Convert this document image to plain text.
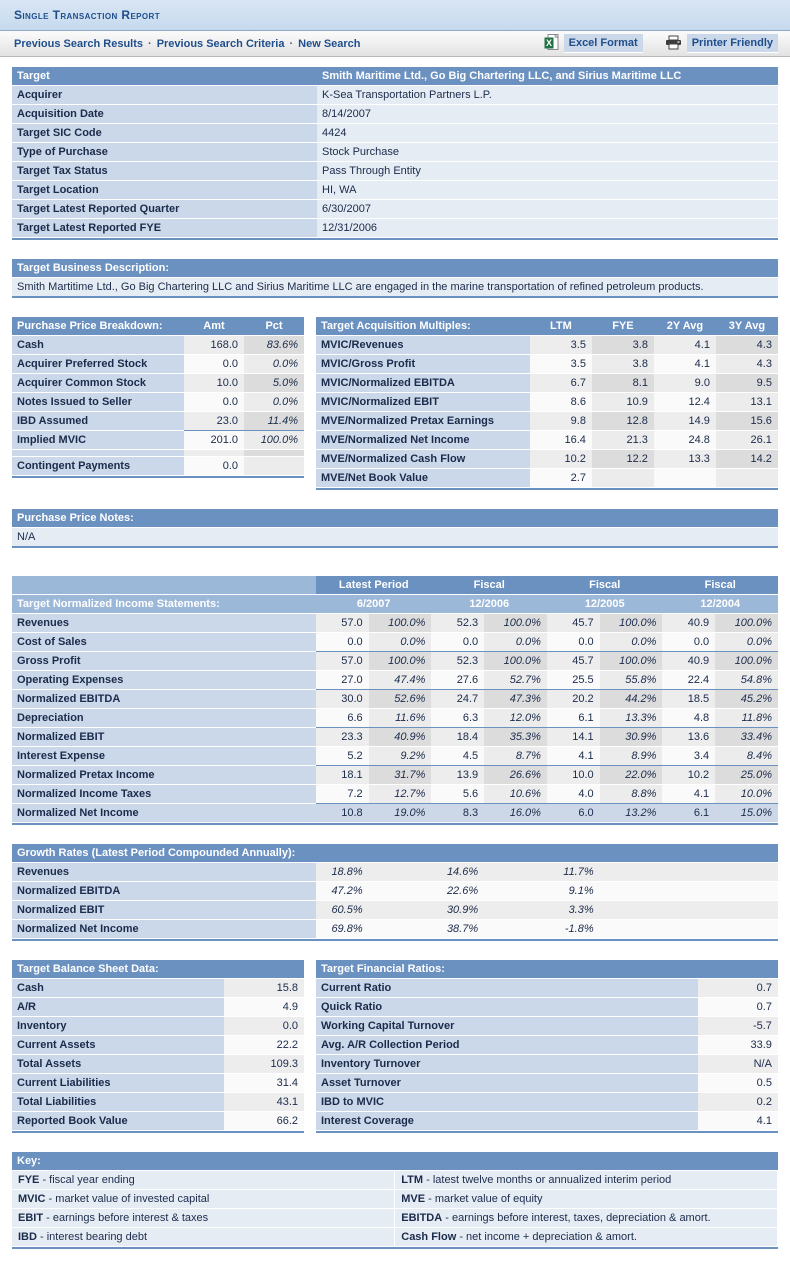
Single Transaction Report
Previous Search Results · Previous Search Criteria · New Search	X	Excel Format	Printer Friendly
Target	Smith Maritime Ltd., Go Big Chartering LLC, and Sirius Maritime LLC
Acquirer	K-Sea Transportation Partners L.P.
Acquisition Date	8/14/2007
Target SIC Code	4424
Type of Purchase	Stock Purchase
Target Tax Status	Pass Through Entity
Target Location	HI, WA
Target Latest Reported Quarter	6/30/2007
Target Latest Reported FYE	12/31/2006
Target Business Description:
Smith Martitime Ltd., Go Big Chartering LLC and Sirius Maritime LLC are engaged in the marine transportation of refined petroleum products.
Purchase Price Breakdown:	Amt	Pct
Cash	168.0	83.6%
Acquirer Preferred Stock	0.0	0.0%
Acquirer Common Stock	10.0	5.0%
Notes Issued to Seller	0.0	0.0%
IBD Assumed	23.0	11.4%
Implied MVIC	201.0	100.0%

Contingent Payments	0.0	
Target Acquisition Multiples:	LTM	FYE	2Y Avg	3Y Avg
MVIC/Revenues	3.5	3.8	4.1	4.3
MVIC/Gross Profit	3.5	3.8	4.1	4.3
MVIC/Normalized EBITDA	6.7	8.1	9.0	9.5
MVIC/Normalized EBIT	8.6	10.9	12.4	13.1
MVE/Normalized Pretax Earnings	9.8	12.8	14.9	15.6
MVE/Normalized Net Income	16.4	21.3	24.8	26.1
MVE/Normalized Cash Flow	10.2	12.2	13.3	14.2
MVE/Net Book Value	2.7			
Purchase Price Notes:
N/A
	Latest Period		Fiscal		Fiscal		Fiscal	
Target Normalized Income Statements:	6/2007		12/2006		12/2005		12/2004	
Revenues	57.0	100.0%	52.3	100.0%	45.7	100.0%	40.9	100.0%
Cost of Sales	0.0	0.0%	0.0	0.0%	0.0	0.0%	0.0	0.0%
Gross Profit	57.0	100.0%	52.3	100.0%	45.7	100.0%	40.9	100.0%
Operating Expenses	27.0	47.4%	27.6	52.7%	25.5	55.8%	22.4	54.8%
Normalized EBITDA	30.0	52.6%	24.7	47.3%	20.2	44.2%	18.5	45.2%
Depreciation	6.6	11.6%	6.3	12.0%	6.1	13.3%	4.8	11.8%
Normalized EBIT	23.3	40.9%	18.4	35.3%	14.1	30.9%	13.6	33.4%
Interest Expense	5.2	9.2%	4.5	8.7%	4.1	8.9%	3.4	8.4%
Normalized Pretax Income	18.1	31.7%	13.9	26.6%	10.0	22.0%	10.2	25.0%
Normalized Income Taxes	7.2	12.7%	5.6	10.6%	4.0	8.8%	4.1	10.0%
Normalized Net Income	10.8	19.0%	8.3	16.0%	6.0	13.2%	6.1	15.0%
Growth Rates (Latest Period Compounded Annually):								
Revenues	18.8%		14.6%		11.7%			
Normalized EBITDA	47.2%		22.6%		9.1%			
Normalized EBIT	60.5%		30.9%		3.3%			
Normalized Net Income	69.8%		38.7%		-1.8%			
Target Balance Sheet Data:	
Cash	15.8
A/R	4.9
Inventory	0.0
Current Assets	22.2
Total Assets	109.3
Current Liabilities	31.4
Total Liabilities	43.1
Reported Book Value	66.2
Target Financial Ratios:	
Current Ratio	0.7
Quick Ratio	0.7
Working Capital Turnover	-5.7
Avg. A/R Collection Period	33.9
Inventory Turnover	N/A
Asset Turnover	0.5
IBD to MVIC	0.2
Interest Coverage	4.1
Key:	
FYE - fiscal year ending	LTM - latest twelve months or annualized interim period
MVIC - market value of invested capital	MVE - market value of equity
EBIT - earnings before interest & taxes	EBITDA - earnings before interest, taxes, depreciation & amort.
IBD - interest bearing debt	Cash Flow - net income + depreciation & amort.
